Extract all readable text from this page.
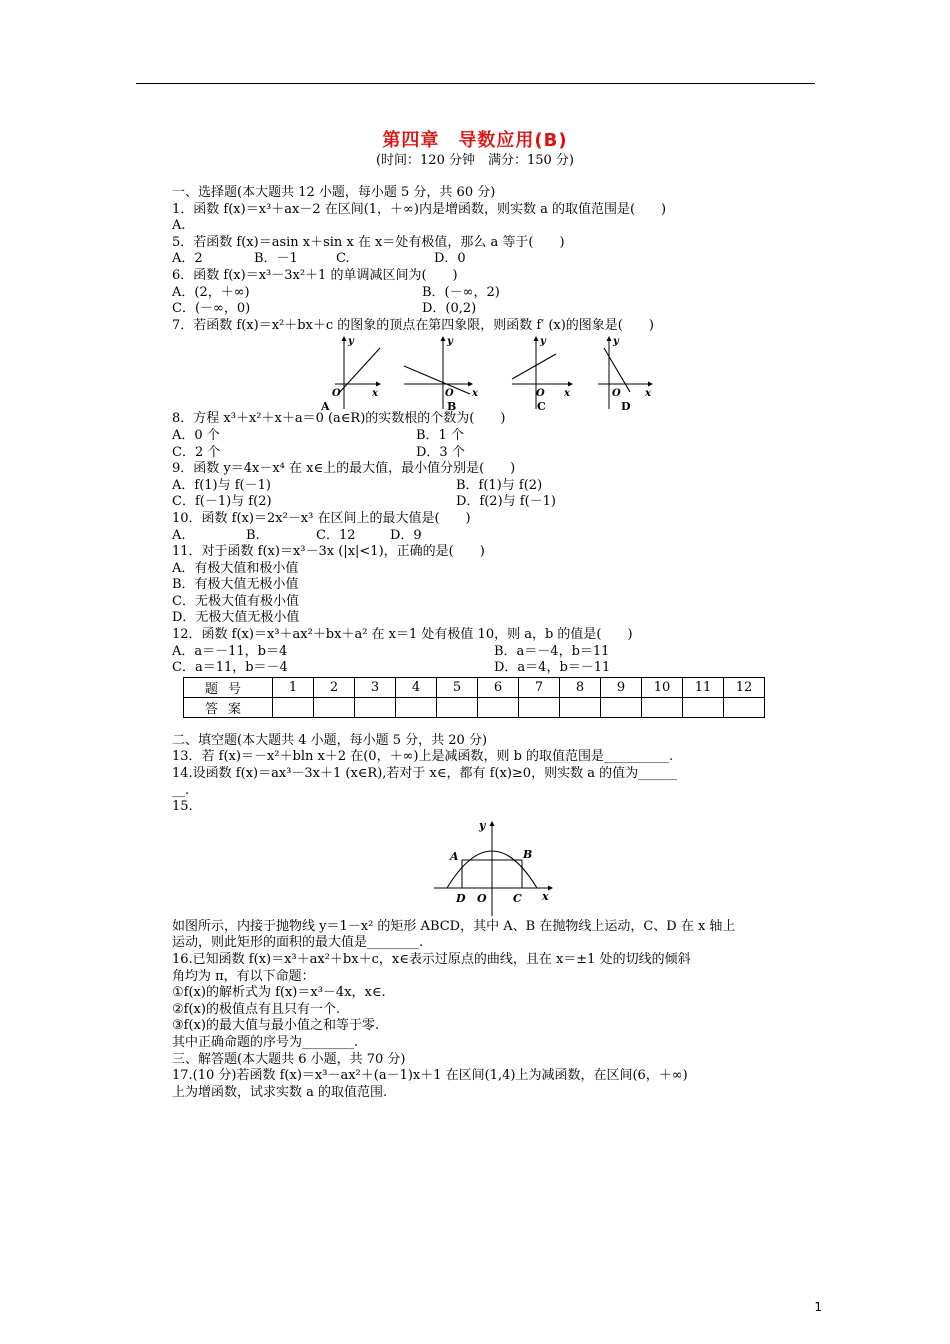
第四章　导数应用(B)
(时间：120 分钟　满分：150 分)
一、选择题(本大题共 12 小题，每小题 5 分，共 60 分)
1．函数 f(x)＝x³＋ax－2 在区间(1，＋∞)内是增函数，则实数 a 的取值范围是(　　)
A.
5．若函数 f(x)＝asin x＋sin x 在 x＝处有极值，那么 a 等于(　　)
A．2	B．－1	C.	D．0
6．函数 f(x)＝x³－3x²＋1 的单调减区间为(　　)
A．(2，＋∞)	B．(－∞，2)
C．(－∞，0)	D．(0,2)
7．若函数 f(x)＝x²＋bx＋c 的图象的顶点在第四象限，则函数 f′ (x)的图象是(　　)
y
x
O
y
x
O
y
x
O
y
x
O
A	B	C	D
8．方程 x³＋x²＋x＋a＝0 (a∈R)的实数根的个数为(　　)
A．0 个	B．1 个
C．2 个	D．3 个
9．函数 y＝4x－x⁴ 在 x∈上的最大值，最小值分别是(　　)
A．f(1)与 f(－1)	B．f(1)与 f(2)
C．f(－1)与 f(2)	D．f(2)与 f(－1)
10．函数 f(x)＝2x²－x³ 在区间上的最大值是(　　)
A.	B.	C．12	D．9
11．对于函数 f(x)＝x³－3x (|x|<1)，正确的是(　　)
A．有极大值和极小值
B．有极大值无极小值
C．无极大值有极小值
D．无极大值无极小值
12．函数 f(x)＝x³＋ax²＋bx＋a² 在 x＝1 处有极值 10，则 a，b 的值是(　　)
A．a＝－11，b＝4	B．a＝－4，b＝11
C．a＝11，b＝－4	D．a＝4，b＝－11
题号	1	2	3	4	5	6	7	8	9	10	11	12
答案												
二、填空题(本大题共 4 小题，每小题 5 分，共 20 分)
13．若 f(x)＝－x²＋bln x＋2 在(0，＋∞)上是减函数，则 b 的取值范围是__________.
14.设函数 f(x)＝ax³－3x＋1 (x∈R),若对于 x∈，都有 f(x)≥0，则实数 a 的值为______
__.
15.
A	B
D O C x
y
如图所示，内接于抛物线 y＝1－x² 的矩形 ABCD，其中 A、B 在抛物线上运动，C、D 在 x 轴上
运动，则此矩形的面积的最大值是________.
16.已知函数 f(x)＝x³＋ax²＋bx＋c，x∈表示过原点的曲线，且在 x＝±1 处的切线的倾斜
角均为 π，有以下命题：
①f(x)的解析式为 f(x)＝x³－4x，x∈.
②f(x)的极值点有且只有一个.
③f(x)的最大值与最小值之和等于零.
其中正确命题的序号为________.
三、解答题(本大题共 6 小题，共 70 分)
17.(10 分)若函数 f(x)＝x³－ax²＋(a－1)x＋1 在区间(1,4)上为减函数，在区间(6，＋∞)
上为增函数，试求实数 a 的取值范围.
1
